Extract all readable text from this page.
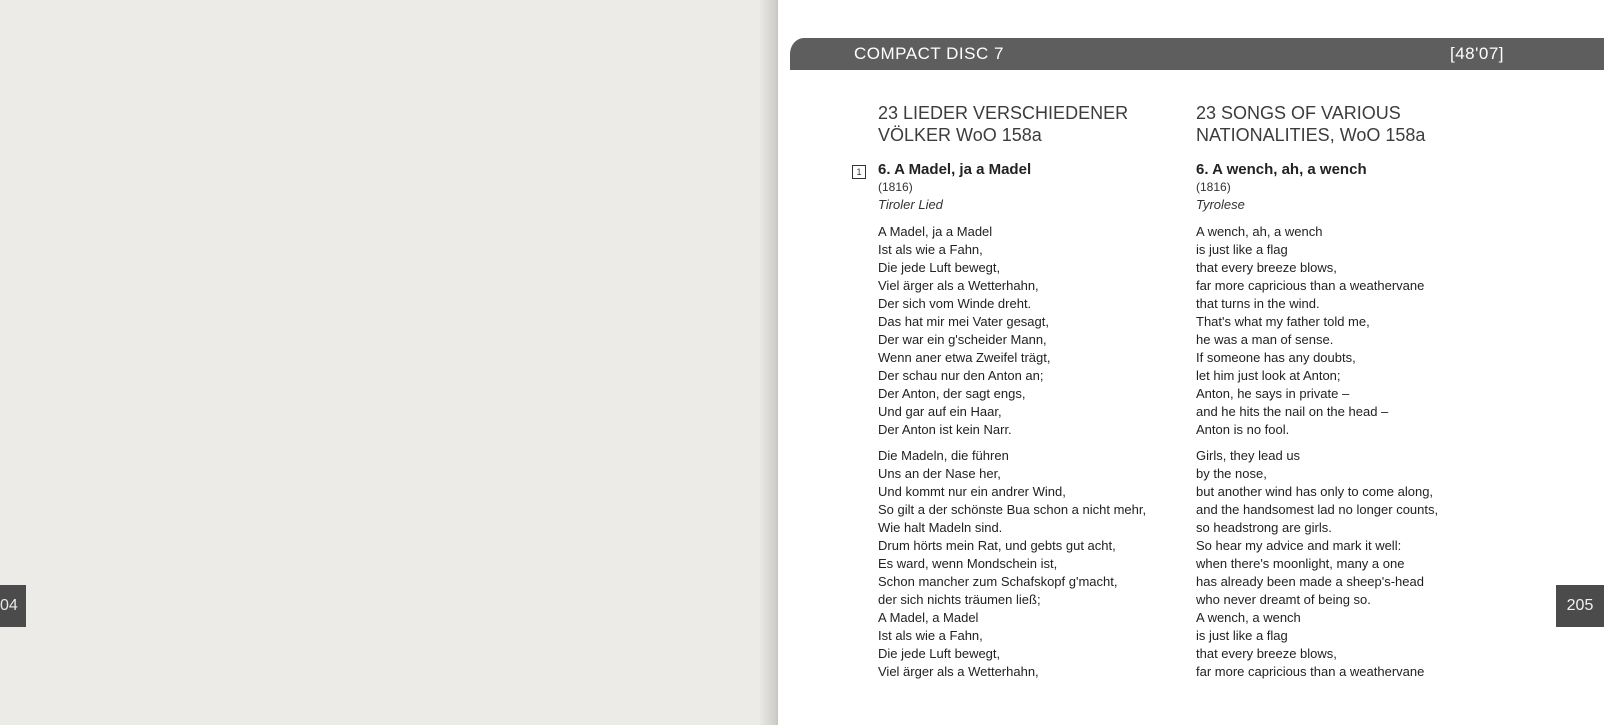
04
COMPACT DISC 7	[48'07]
1
23 LIEDER VERSCHIEDENER
VÖLKER WoO 158a
6. A Madel, ja a Madel
(1816)
Tiroler Lied
A Madel, ja a Madel
Ist als wie a Fahn,
Die jede Luft bewegt,
Viel ärger als a Wetterhahn,
Der sich vom Winde dreht.
Das hat mir mei Vater gesagt,
Der war ein g'scheider Mann,
Wenn aner etwa Zweifel trägt,
Der schau nur den Anton an;
Der Anton, der sagt engs,
Und gar auf ein Haar,
Der Anton ist kein Narr.
Die Madeln, die führen
Uns an der Nase her,
Und kommt nur ein andrer Wind,
So gilt a der schönste Bua schon a nicht mehr,
Wie halt Madeln sind.
Drum hörts mein Rat, und gebts gut acht,
Es ward, wenn Mondschein ist,
Schon mancher zum Schafskopf g'macht,
der sich nichts träumen ließ;
A Madel, a Madel
Ist als wie a Fahn,
Die jede Luft bewegt,
Viel ärger als a Wetterhahn,
23 SONGS OF VARIOUS
NATIONALITIES, WoO 158a
6. A wench, ah, a wench
(1816)
Tyrolese
A wench, ah, a wench
is just like a flag
that every breeze blows,
far more capricious than a weathervane
that turns in the wind.
That's what my father told me,
he was a man of sense.
If someone has any doubts,
let him just look at Anton;
Anton, he says in private –
and he hits the nail on the head –
Anton is no fool.
Girls, they lead us
by the nose,
but another wind has only to come along,
and the handsomest lad no longer counts,
so headstrong are girls.
So hear my advice and mark it well:
when there's moonlight, many a one
has already been made a sheep's-head
who never dreamt of being so.
A wench, a wench
is just like a flag
that every breeze blows,
far more capricious than a weathervane
205
